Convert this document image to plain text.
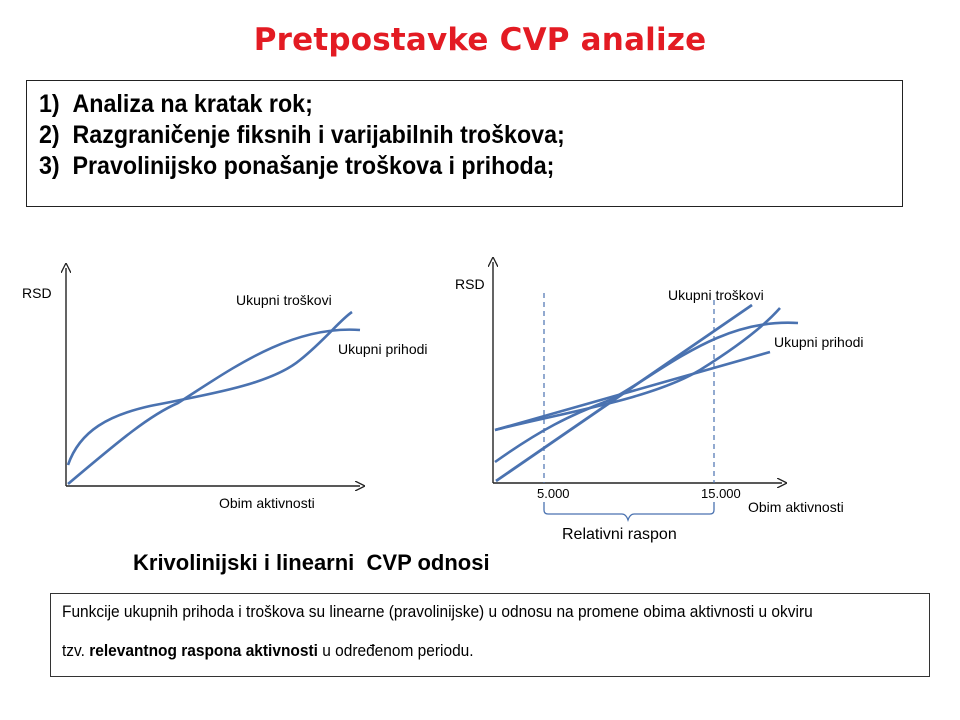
Pretpostavke CVP analize
1) Analiza na kratak rok;
2) Razgraničenje fiksnih i varijabilnih troškova;
3) Pravolinijsko ponašanje troškova i prihoda;
RSD	Ukupni troškovi
Ukupni prihodi
Obim aktivnosti
RSD
Ukupni troškovi
Ukupni prihodi
5.000	15.000
Obim aktivnosti
Relativni raspon
Krivolinijski i linearni  CVP odnosi
Funkcije ukupnih prihoda i troškova su linearne (pravolinijske) u odnosu na promene obima aktivnosti u okviru
tzv. relevantnog raspona aktivnosti u određenom periodu.
